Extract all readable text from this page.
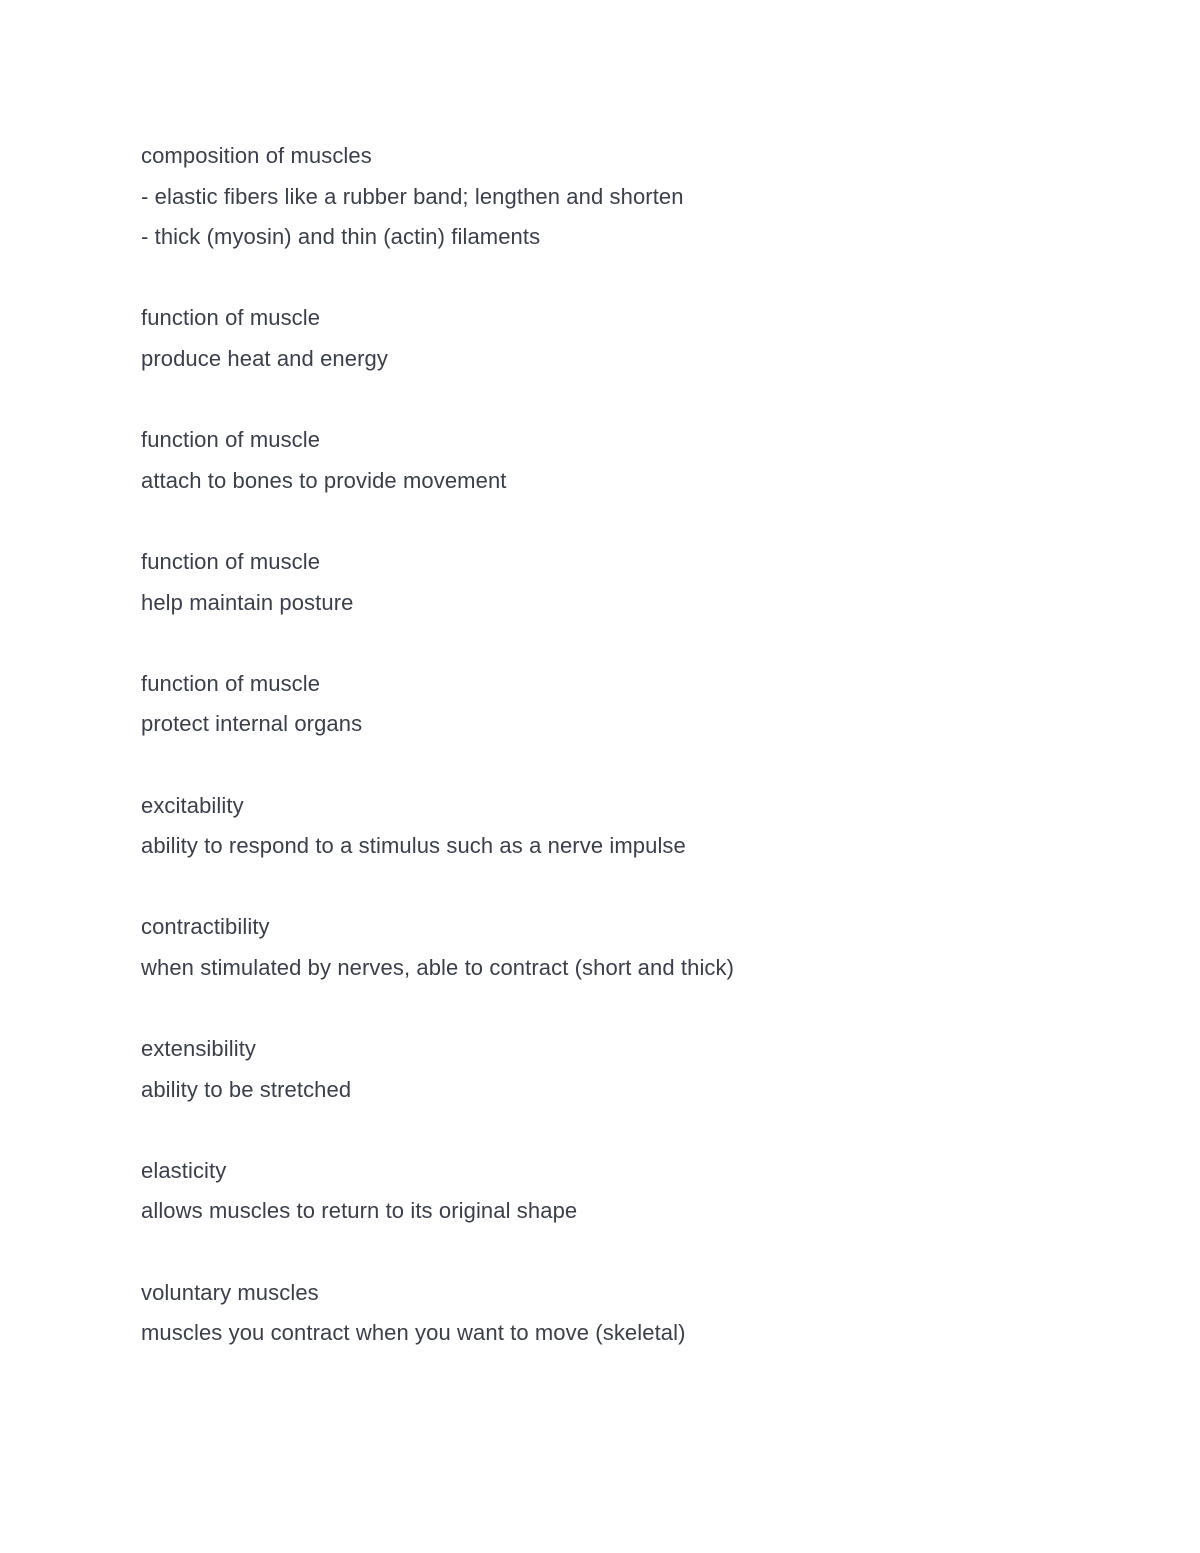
composition of muscles
- elastic fibers like a rubber band; lengthen and shorten
- thick (myosin) and thin (actin) filaments
function of muscle
produce heat and energy
function of muscle
attach to bones to provide movement
function of muscle
help maintain posture
function of muscle
protect internal organs
excitability
ability to respond to a stimulus such as a nerve impulse
contractibility
when stimulated by nerves, able to contract (short and thick)
extensibility
ability to be stretched
elasticity
allows muscles to return to its original shape
voluntary muscles
muscles you contract when you want to move (skeletal)
